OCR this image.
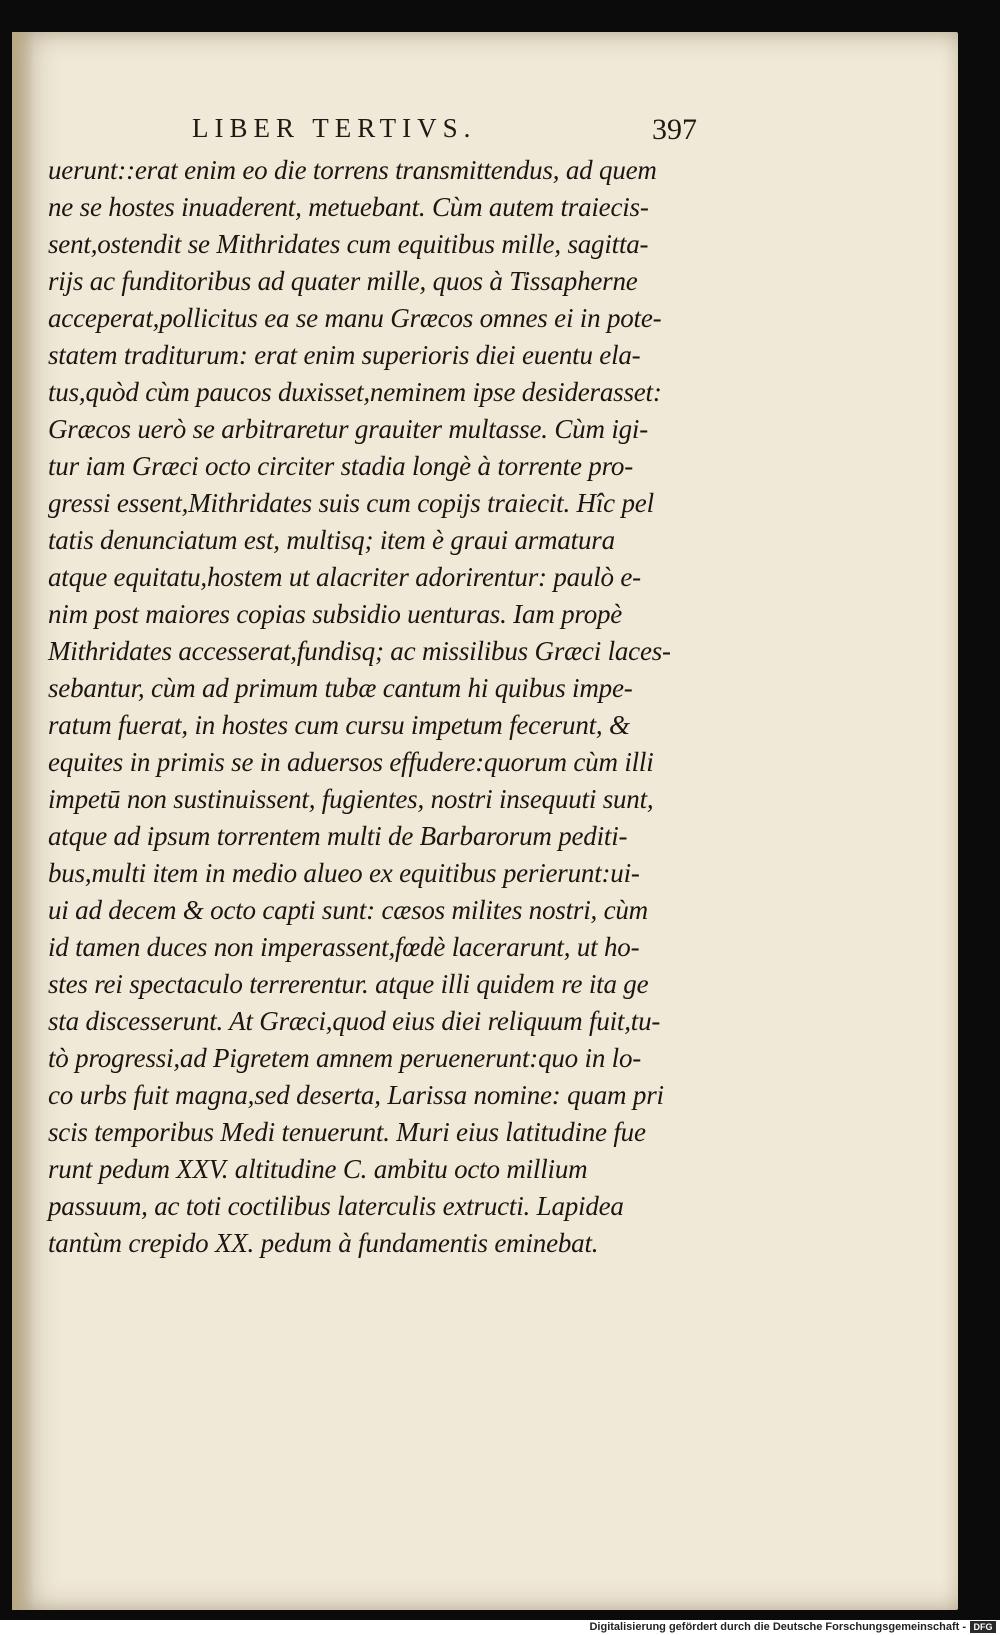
LIBER TERTIVS.	397
uerunt::erat enim eo die torrens transmittendus, ad quem
ne se hostes inuaderent, metuebant. Cùm autem traiecis-
sent,ostendit se Mithridates cum equitibus mille, sagitta-
rijs ac funditoribus ad quater mille, quos à Tissapherne
acceperat,pollicitus ea se manu Græcos omnes ei in pote-
statem traditurum: erat enim superioris diei euentu ela-
tus,quòd cùm paucos duxisset,neminem ipse desiderasset:
Græcos uerò se arbitraretur grauiter multasse. Cùm igi-
tur iam Græci octo circiter stadia longè à torrente pro-
gressi essent,Mithridates suis cum copijs traiecit. Hîc pel
tatis denunciatum est, multisq; item è graui armatura
atque equitatu,hostem ut alacriter adorirentur: paulò e-
nim post maiores copias subsidio uenturas. Iam propè
Mithridates accesserat,fundisq; ac missilibus Græci laces-
sebantur, cùm ad primum tubæ cantum hi quibus impe-
ratum fuerat, in hostes cum cursu impetum fecerunt, &
equites in primis se in aduersos effudere:quorum cùm illi
impetū non sustinuissent, fugientes, nostri insequuti sunt,
atque ad ipsum torrentem multi de Barbarorum pediti-
bus,multi item in medio alueo ex equitibus perierunt:ui-
ui ad decem & octo capti sunt: cæsos milites nostri, cùm
id tamen duces non imperassent,fœdè lacerarunt, ut ho-
stes rei spectaculo terrerentur. atque illi quidem re ita ge
sta discesserunt. At Græci,quod eius diei reliquum fuit,tu-
tò progressi,ad Pigretem amnem peruenerunt:quo in lo-
co urbs fuit magna,sed deserta, Larissa nomine: quam pri
scis temporibus Medi tenuerunt. Muri eius latitudine fue
runt pedum XXV. altitudine C. ambitu octo millium
passuum, ac toti coctilibus laterculis extructi. Lapidea
tantùm crepido XX. pedum à fundamentis eminebat.
Digitalisierung gefördert durch die Deutsche Forschungsgemeinschaft - DFG
